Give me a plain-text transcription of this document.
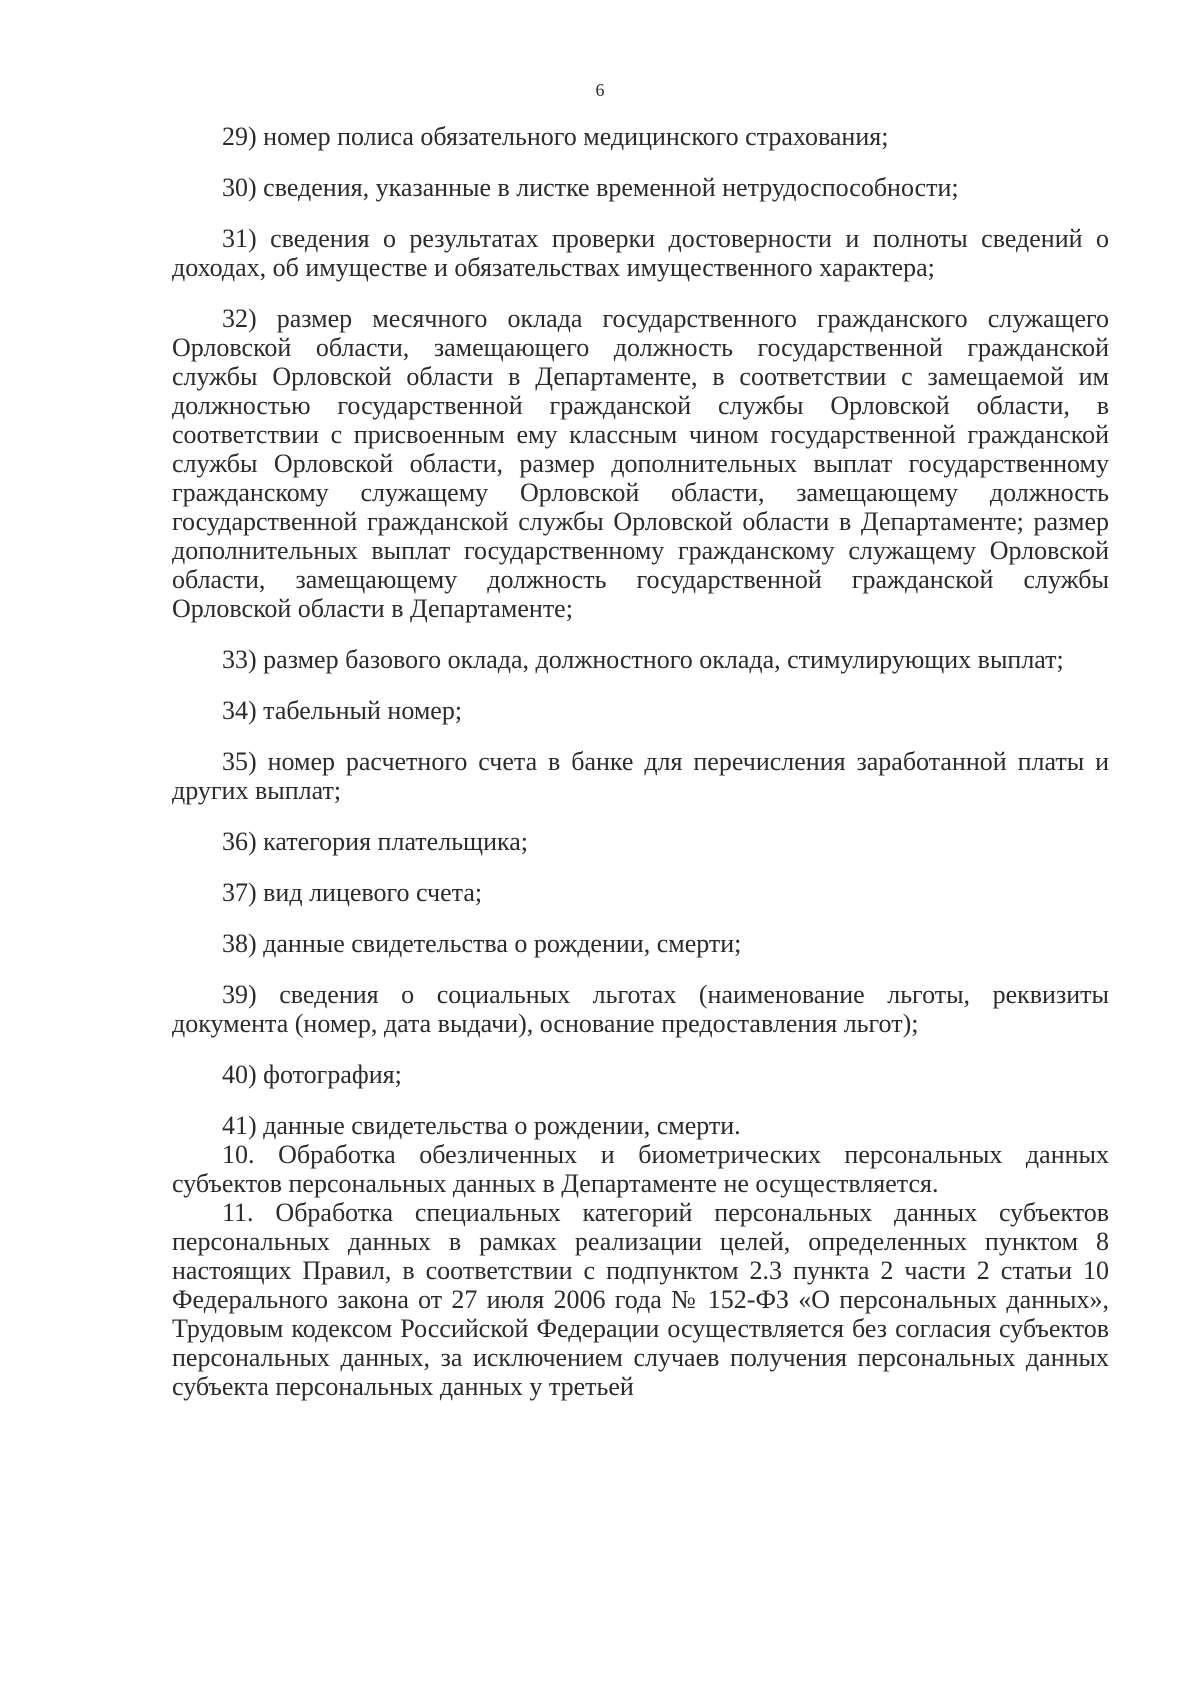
6

29) номер полиса обязательного медицинского страхования;

30) сведения, указанные в листке временной нетрудоспособности;

31) сведения о результатах проверки достоверности и полноты сведений о доходах, об имуществе и обязательствах имущественного характера;

32) размер месячного оклада государственного гражданского служащего Орловской области, замещающего должность государственной гражданской службы Орловской области в Департаменте, в соответствии с замещаемой им должностью государственной гражданской службы Орловской области, в соответствии с присвоенным ему классным чином государственной гражданской службы Орловской области, размер дополнительных выплат государственному гражданскому служащему Орловской области, замещающему должность государственной гражданской службы Орловской области в Департаменте; размер дополнительных выплат государственному гражданскому служащему Орловской области, замещающему должность государственной гражданской службы Орловской области в Департаменте;

33) размер базового оклада, должностного оклада, стимулирующих выплат;

34) табельный номер;

35) номер расчетного счета в банке для перечисления заработанной платы и других выплат;

36) категория плательщика;

37) вид лицевого счета;

38) данные свидетельства о рождении, смерти;

39) сведения о социальных льготах (наименование льготы, реквизиты документа (номер, дата выдачи), основание предоставления льгот);

40) фотография;

41) данные свидетельства о рождении, смерти.

10. Обработка обезличенных и биометрических персональных данных субъектов персональных данных в Департаменте не осуществляется.

11. Обработка специальных категорий персональных данных субъектов персональных данных в рамках реализации целей, определенных пунктом 8 настоящих Правил, в соответствии с подпунктом 2.3 пункта 2 части 2 статьи 10 Федерального закона от 27 июля 2006 года № 152-ФЗ «О персональных данных», Трудовым кодексом Российской Федерации осуществляется без согласия субъектов персональных данных, за исключением случаев получения персональных данных субъекта персональных данных у третьей
